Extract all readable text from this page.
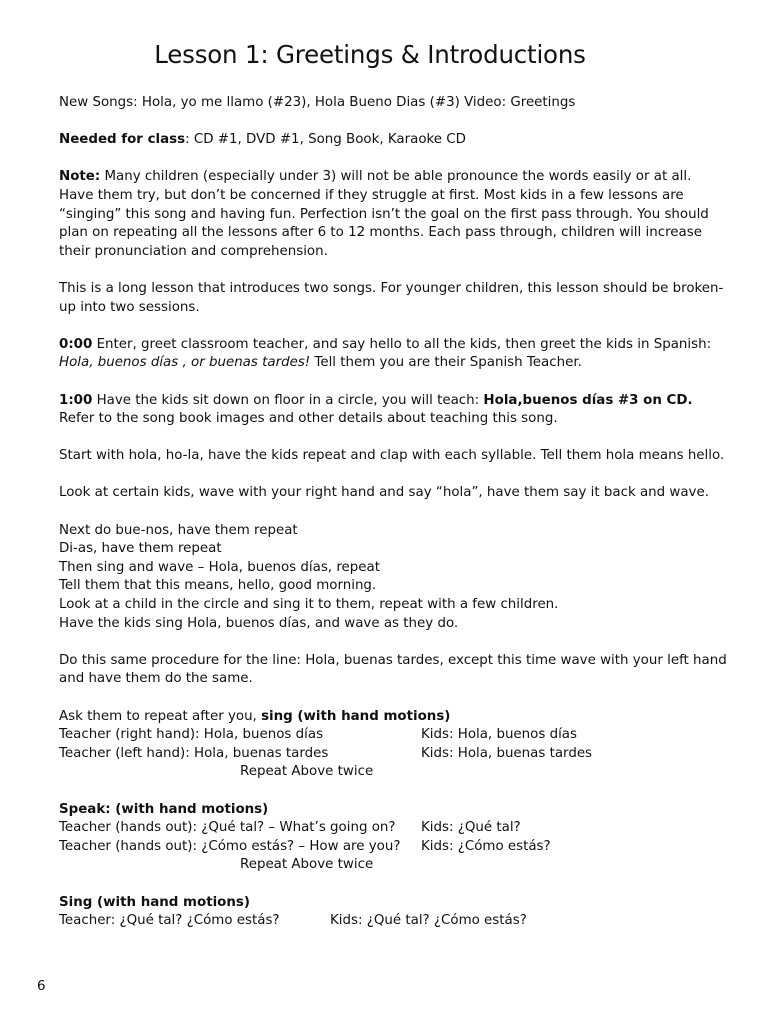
Lesson 1: Greetings & Introductions

New Songs: Hola, yo me llamo (#23), Hola Bueno Dias (#3) Video: Greetings

Needed for class: CD #1, DVD #1, Song Book, Karaoke CD

Note: Many children (especially under 3) will not be able pronounce the words easily or at all. Have them try, but don’t be concerned if they struggle at first. Most kids in a few lessons are “singing” this song and having fun. Perfection isn’t the goal on the first pass through. You should plan on repeating all the lessons after 6 to 12 months. Each pass through, children will increase their pronunciation and comprehension.

This is a long lesson that introduces two songs. For younger children, this lesson should be broken-up into two sessions.

0:00 Enter, greet classroom teacher, and say hello to all the kids, then greet the kids in Spanish: Hola, buenos días , or buenas tardes! Tell them you are their Spanish Teacher.

1:00 Have the kids sit down on floor in a circle, you will teach: Hola,buenos días #3 on CD. Refer to the song book images and other details about teaching this song.

Start with hola, ho-la, have the kids repeat and clap with each syllable. Tell them hola means hello.

Look at certain kids, wave with your right hand and say “hola”, have them say it back and wave.

Next do bue-nos, have them repeat
Di-as, have them repeat
Then sing and wave – Hola, buenos días, repeat
Tell them that this means, hello, good morning.
Look at a child in the circle and sing it to them, repeat with a few children.
Have the kids sing Hola, buenos días, and wave as they do.

Do this same procedure for the line: Hola, buenas tardes, except this time wave with your left hand and have them do the same.

Ask them to repeat after you, sing (with hand motions)
Teacher (right hand): Hola, buenos días	Kids: Hola, buenos días
Teacher (left hand): Hola, buenas tardes	Kids: Hola, buenas tardes
Repeat Above twice
Speak: (with hand motions)
Teacher (hands out): ¿Qué tal? – What’s going on? Kids: ¿Qué tal?
Teacher (hands out): ¿Cómo estás? – How are you? Kids: ¿Cómo estás?
Repeat Above twice
Sing (with hand motions)
Teacher: ¿Qué tal? ¿Cómo estás?	Kids: ¿Qué tal? ¿Cómo estás?
6
